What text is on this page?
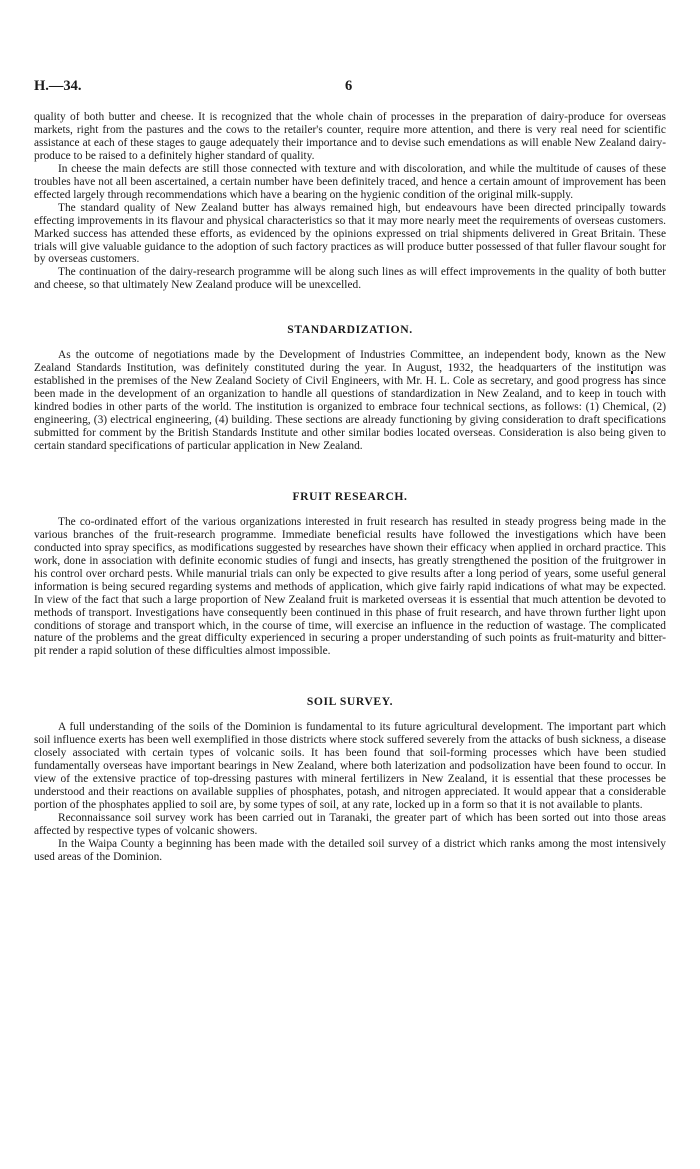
H.—34.	6

quality of both butter and cheese. It is recognized that the whole chain of processes in the preparation of dairy-produce for overseas markets, right from the pastures and the cows to the retailer's counter, require more attention, and there is very real need for scientific assistance at each of these stages to gauge adequately their importance and to devise such emendations as will enable New Zealand dairy-produce to be raised to a definitely higher standard of quality.

In cheese the main defects are still those connected with texture and with discoloration, and while the multitude of causes of these troubles have not all been ascertained, a certain number have been definitely traced, and hence a certain amount of improvement has been effected largely through recommendations which have a bearing on the hygienic condition of the original milk-supply.

The standard quality of New Zealand butter has always remained high, but endeavours have been directed principally towards effecting improvements in its flavour and physical characteristics so that it may more nearly meet the requirements of overseas customers. Marked success has attended these efforts, as evidenced by the opinions expressed on trial shipments delivered in Great Britain. These trials will give valuable guidance to the adoption of such factory practices as will produce butter possessed of that fuller flavour sought for by overseas customers.

The continuation of the dairy-research programme will be along such lines as will effect improvements in the quality of both butter and cheese, so that ultimately New Zealand produce will be unexcelled.

STANDARDIZATION.

As the outcome of negotiations made by the Development of Industries Committee, an independent body, known as the New Zealand Standards Institution, was definitely constituted during the year. In August, 1932, the headquarters of the institution was established in the premises of the New Zealand Society of Civil Engineers, with Mr. H. L. Cole as secretary, and good progress has since been made in the development of an organization to handle all questions of standardization in New Zealand, and to keep in touch with kindred bodies in other parts of the world. The institution is organized to embrace four technical sections, as follows: (1) Chemical, (2) engineering, (3) electrical engineering, (4) building. These sections are already functioning by giving consideration to draft specifications submitted for comment by the British Standards Institute and other similar bodies located overseas. Consideration is also being given to certain standard specifications of particular application in New Zealand.

FRUIT RESEARCH.

The co-ordinated effort of the various organizations interested in fruit research has resulted in steady progress being made in the various branches of the fruit-research programme. Immediate beneficial results have followed the investigations which have been conducted into spray specifics, as modifications suggested by researches have shown their efficacy when applied in orchard practice. This work, done in association with definite economic studies of fungi and insects, has greatly strengthened the position of the fruitgrower in his control over orchard pests. While manurial trials can only be expected to give results after a long period of years, some useful general information is being secured regarding systems and methods of application, which give fairly rapid indications of what may be expected. In view of the fact that such a large proportion of New Zealand fruit is marketed overseas it is essential that much attention be devoted to methods of transport. Investigations have consequently been continued in this phase of fruit research, and have thrown further light upon conditions of storage and transport which, in the course of time, will exercise an influence in the reduction of wastage. The complicated nature of the problems and the great difficulty experienced in securing a proper understanding of such points as fruit-maturity and bitter-pit render a rapid solution of these difficulties almost impossible.

SOIL SURVEY.

A full understanding of the soils of the Dominion is fundamental to its future agricultural development. The important part which soil influence exerts has been well exemplified in those districts where stock suffered severely from the attacks of bush sickness, a disease closely associated with certain types of volcanic soils. It has been found that soil-forming processes which have been studied fundamentally overseas have important bearings in New Zealand, where both laterization and podsolization have been found to occur. In view of the extensive practice of top-dressing pastures with mineral fertilizers in New Zealand, it is essential that these processes be understood and their reactions on available supplies of phosphates, potash, and nitrogen appreciated. It would appear that a considerable portion of the phosphates applied to soil are, by some types of soil, at any rate, locked up in a form so that it is not available to plants.

Reconnaissance soil survey work has been carried out in Taranaki, the greater part of which has been sorted out into those areas affected by respective types of volcanic showers.

In the Waipa County a beginning has been made with the detailed soil survey of a district which ranks among the most intensively used areas of the Dominion.
